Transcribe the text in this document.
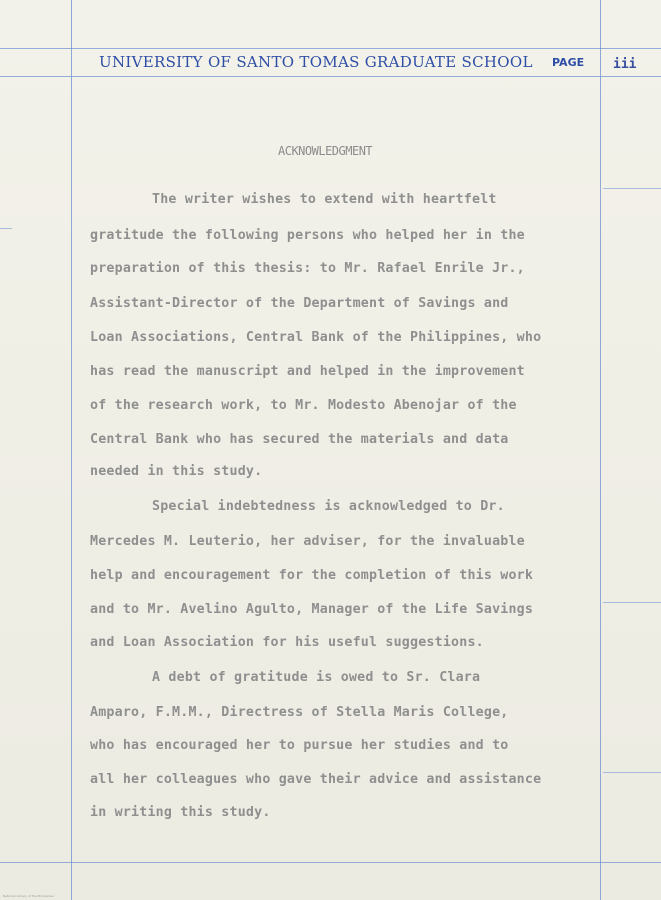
UNIVERSITY OF SANTO TOMAS GRADUATE SCHOOL PAGE iii
ACKNOWLEDGMENT
The writer wishes to extend with heartfelt
gratitude the following persons who helped her in the
preparation of this thesis: to Mr. Rafael Enrile Jr.,
Assistant-Director of the Department of Savings and
Loan Associations, Central Bank of the Philippines, who
has read the manuscript and helped in the improvement
of the research work, to Mr. Modesto Abenojar of the
Central Bank who has secured the materials and data
needed in this study.
Special indebtedness is acknowledged to Dr.
Mercedes M. Leuterio, her adviser, for the invaluable
help and encouragement for the completion of this work
and to Mr. Avelino Agulto, Manager of the Life Savings
and Loan Association for his useful suggestions.
A debt of gratitude is owed to Sr. Clara
Amparo, F.M.M., Directress of Stella Maris College,
who has encouraged her to pursue her studies and to
all her colleagues who gave their advice and assistance
in writing this study.
National Library of the Philippines
